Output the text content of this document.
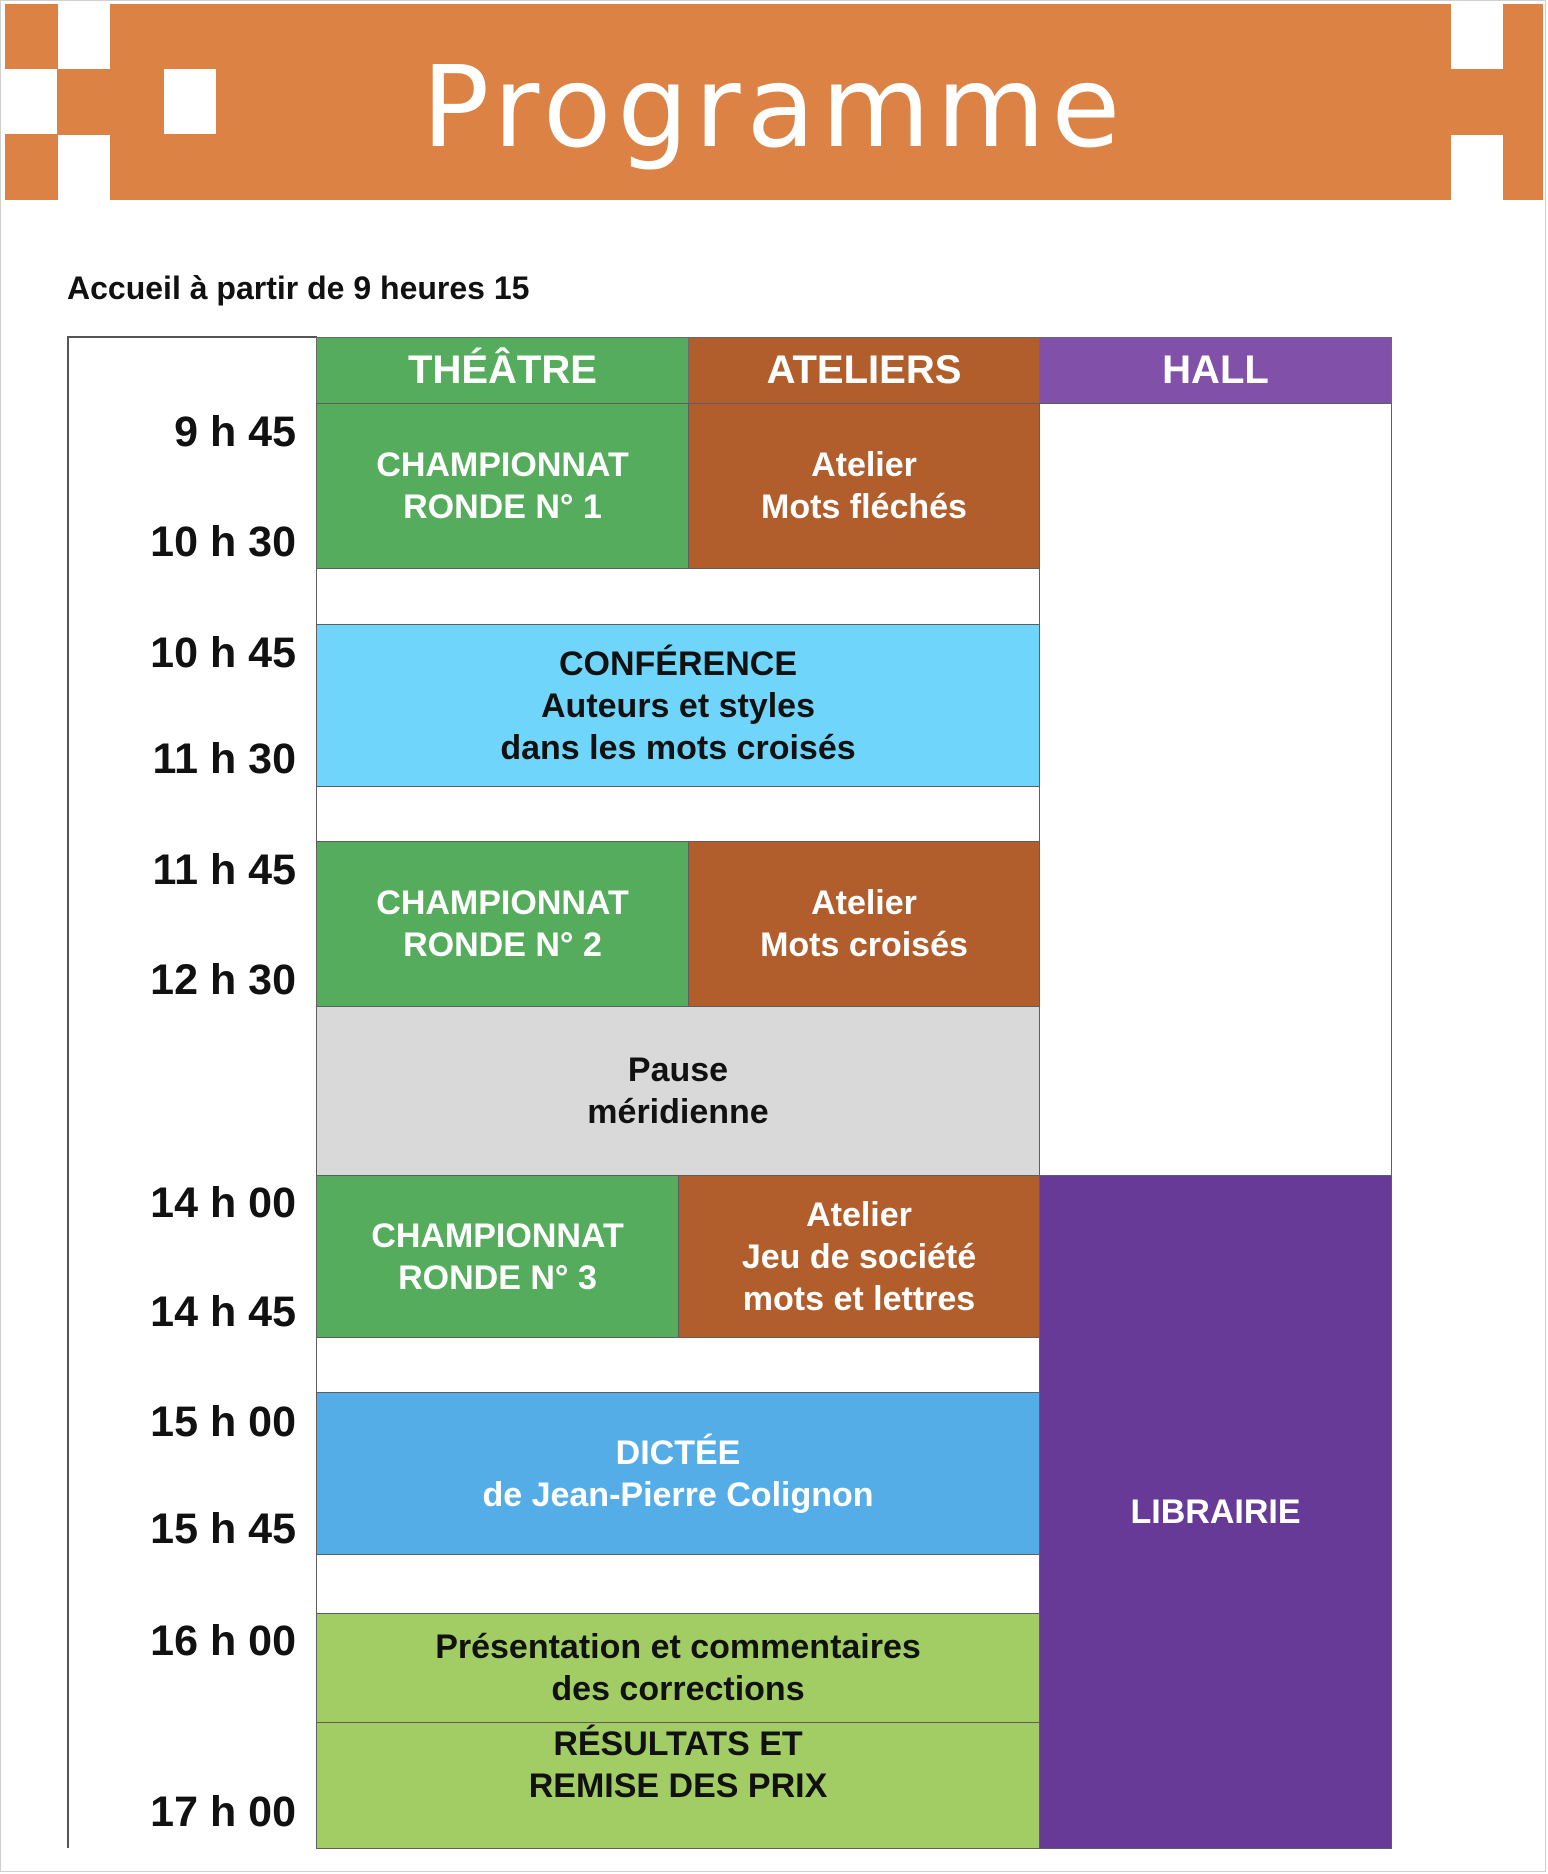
Programme
Accueil à partir de 9 heures 15
THÉÂTRE	ATELIERS	HALL
CHAMPIONNAT
RONDE N° 1
Atelier
Mots fléchés
CONFÉRENCE
Auteurs et styles
dans les mots croisés
CHAMPIONNAT
RONDE N° 2
Atelier
Mots croisés
Pause
méridienne
CHAMPIONNAT
RONDE N° 3
Atelier
Jeu de société
mots et lettres
DICTÉE
de Jean-Pierre Colignon
Présentation et commentaires
des corrections
RÉSULTATS ET
REMISE DES PRIX
LIBRAIRIE
9 h 45
10 h 30
10 h 45
11 h 30
11 h 45
12 h 30
14 h 00
14 h 45
15 h 00
15 h 45
16 h 00
17 h 00
